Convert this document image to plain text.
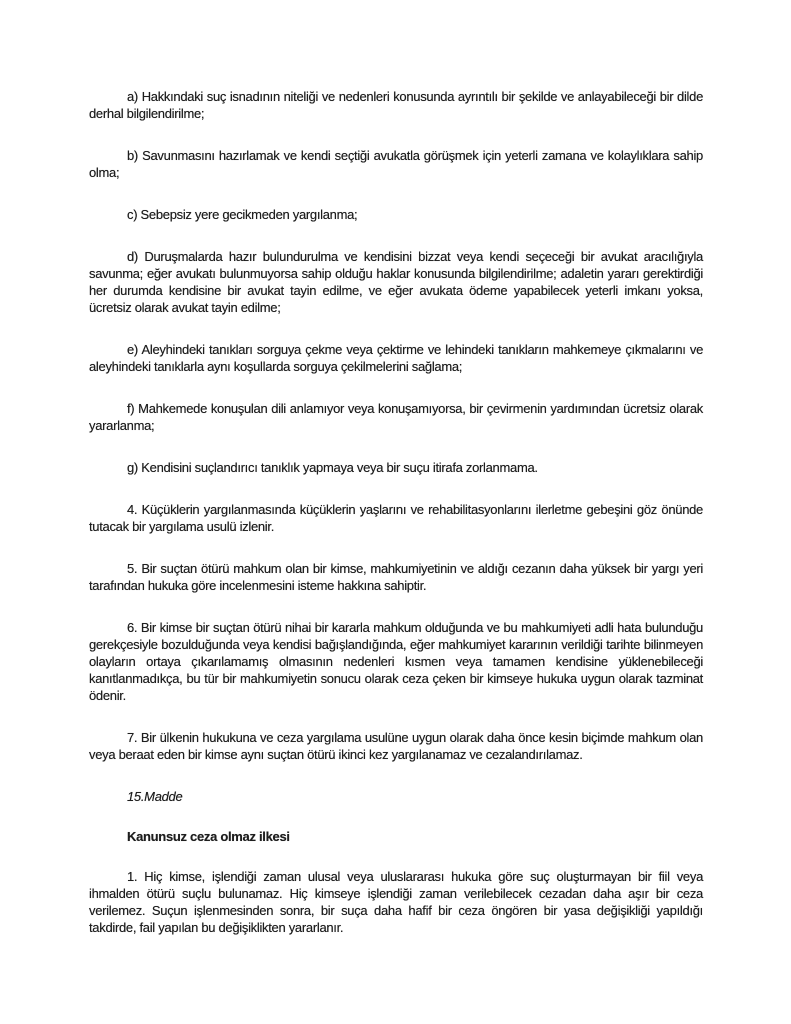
a) Hakkındaki suç isnadının niteliği ve nedenleri konusunda ayrıntılı bir şekilde ve anlayabileceği bir dilde derhal bilgilendirilme;

b) Savunmasını hazırlamak ve kendi seçtiği avukatla görüşmek için yeterli zamana ve kolaylıklara sahip olma;

c) Sebepsiz yere gecikmeden yargılanma;

d) Duruşmalarda hazır bulundurulma ve kendisini bizzat veya kendi seçeceği bir avukat aracılığıyla savunma; eğer avukatı bulunmuyorsa sahip olduğu haklar konusunda bilgilendirilme; adaletin yararı gerektirdiği her durumda kendisine bir avukat tayin edilme, ve eğer avukata ödeme yapabilecek yeterli imkanı yoksa, ücretsiz olarak avukat tayin edilme;

e) Aleyhindeki tanıkları sorguya çekme veya çektirme ve lehindeki tanıkların mahkemeye çıkmalarını ve aleyhindeki tanıklarla aynı koşullarda sorguya çekilmelerini sağlama;

f) Mahkemede konuşulan dili anlamıyor veya konuşamıyorsa, bir çevirmenin yardımından ücretsiz olarak yararlanma;

g) Kendisini suçlandırıcı tanıklık yapmaya veya bir suçu itirafa zorlanmama.

4. Küçüklerin yargılanmasında küçüklerin yaşlarını ve rehabilitasyonlarını ilerletme gebeşini göz önünde tutacak bir yargılama usulü izlenir.

5. Bir suçtan ötürü mahkum olan bir kimse, mahkumiyetinin ve aldığı cezanın daha yüksek bir yargı yeri tarafından hukuka göre incelenmesini isteme hakkına sahiptir.

6. Bir kimse bir suçtan ötürü nihai bir kararla mahkum olduğunda ve bu mahkumiyeti adli hata bulunduğu gerekçesiyle bozulduğunda veya kendisi bağışlandığında, eğer mahkumiyet kararının verildiği tarihte bilinmeyen olayların ortaya çıkarılamamış olmasının nedenleri kısmen veya tamamen kendisine yüklenebileceği kanıtlanmadıkça, bu tür bir mahkumiyetin sonucu olarak ceza çeken bir kimseye hukuka uygun olarak tazminat ödenir.

7. Bir ülkenin hukukuna ve ceza yargılama usulüne uygun olarak daha önce kesin biçimde mahkum olan veya beraat eden bir kimse aynı suçtan ötürü ikinci kez yargılanamaz ve cezalandırılamaz.

15.Madde

Kanunsuz ceza olmaz ilkesi

1. Hiç kimse, işlendiği zaman ulusal veya uluslararası hukuka göre suç oluşturmayan bir fiil veya ihmalden ötürü suçlu bulunamaz. Hiç kimseye işlendiği zaman verilebilecek cezadan daha aşır bir ceza verilemez. Suçun işlenmesinden sonra, bir suça daha hafif bir ceza öngören bir yasa değişikliği yapıldığı takdirde, fail yapılan bu değişiklikten yararlanır.
